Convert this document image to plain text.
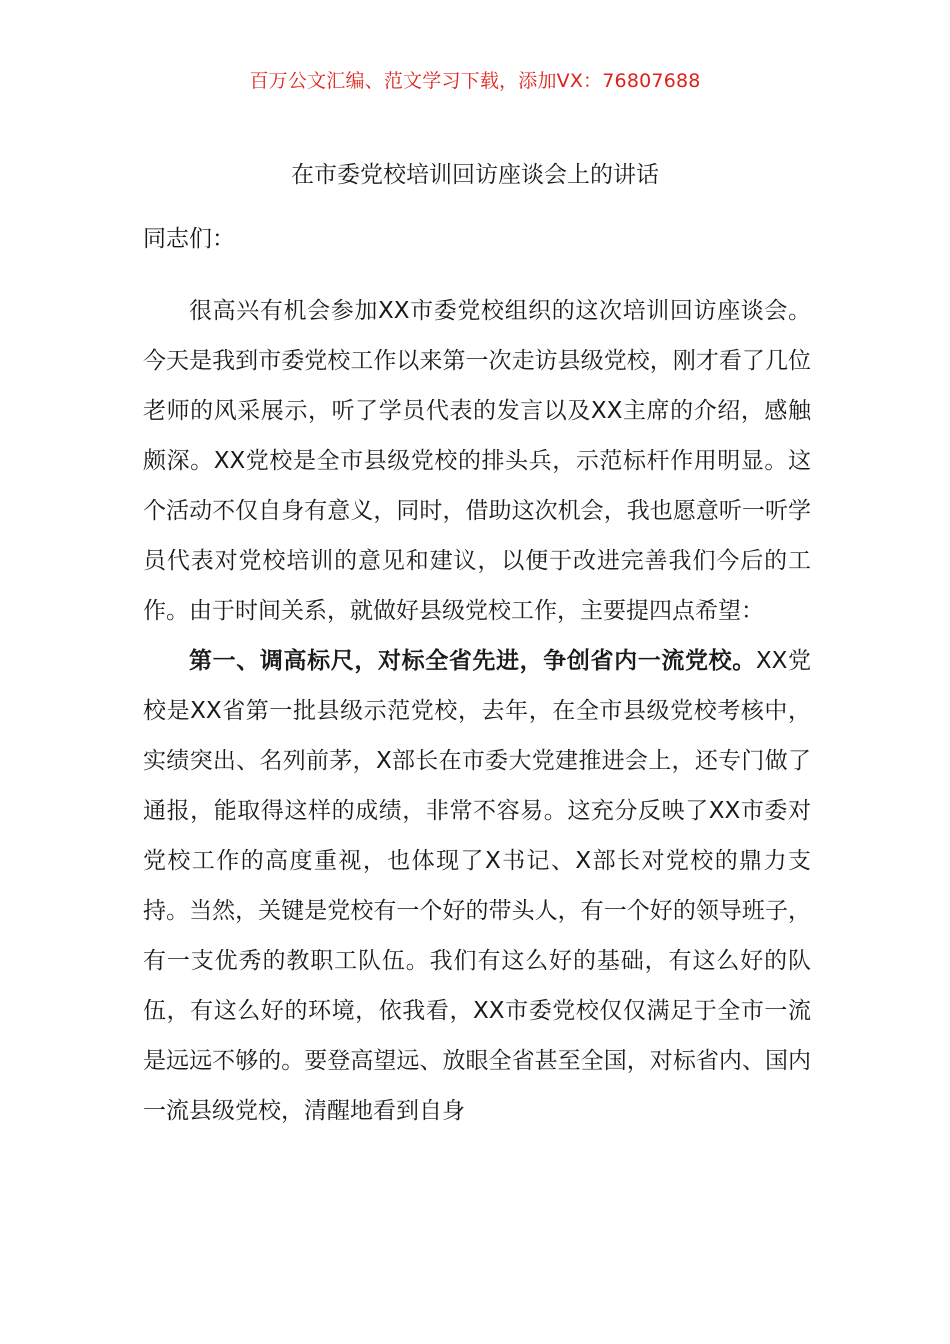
百万公文汇编、范文学习下载，添加VX：76807688
在市委党校培训回访座谈会上的讲话
同志们：

很高兴有机会参加XX市委党校组织的这次培训回访座谈会。今天是我到市委党校工作以来第一次走访县级党校，刚才看了几位老师的风采展示，听了学员代表的发言以及XX主席的介绍，感触颇深。XX党校是全市县级党校的排头兵，示范标杆作用明显。这个活动不仅自身有意义，同时，借助这次机会，我也愿意听一听学员代表对党校培训的意见和建议，以便于改进完善我们今后的工作。由于时间关系，就做好县级党校工作，主要提四点希望：

第一、调高标尺，对标全省先进，争创省内一流党校。XX党校是XX省第一批县级示范党校，去年，在全市县级党校考核中，实绩突出、名列前茅，X部长在市委大党建推进会上，还专门做了通报，能取得这样的成绩，非常不容易。这充分反映了XX市委对党校工作的高度重视，也体现了X书记、X部长对党校的鼎力支持。当然，关键是党校有一个好的带头人，有一个好的领导班子，有一支优秀的教职工队伍。我们有这么好的基础，有这么好的队伍，有这么好的环境，依我看，XX市委党校仅仅满足于全市一流是远远不够的。要登高望远、放眼全省甚至全国，对标省内、国内一流县级党校，清醒地看到自身
